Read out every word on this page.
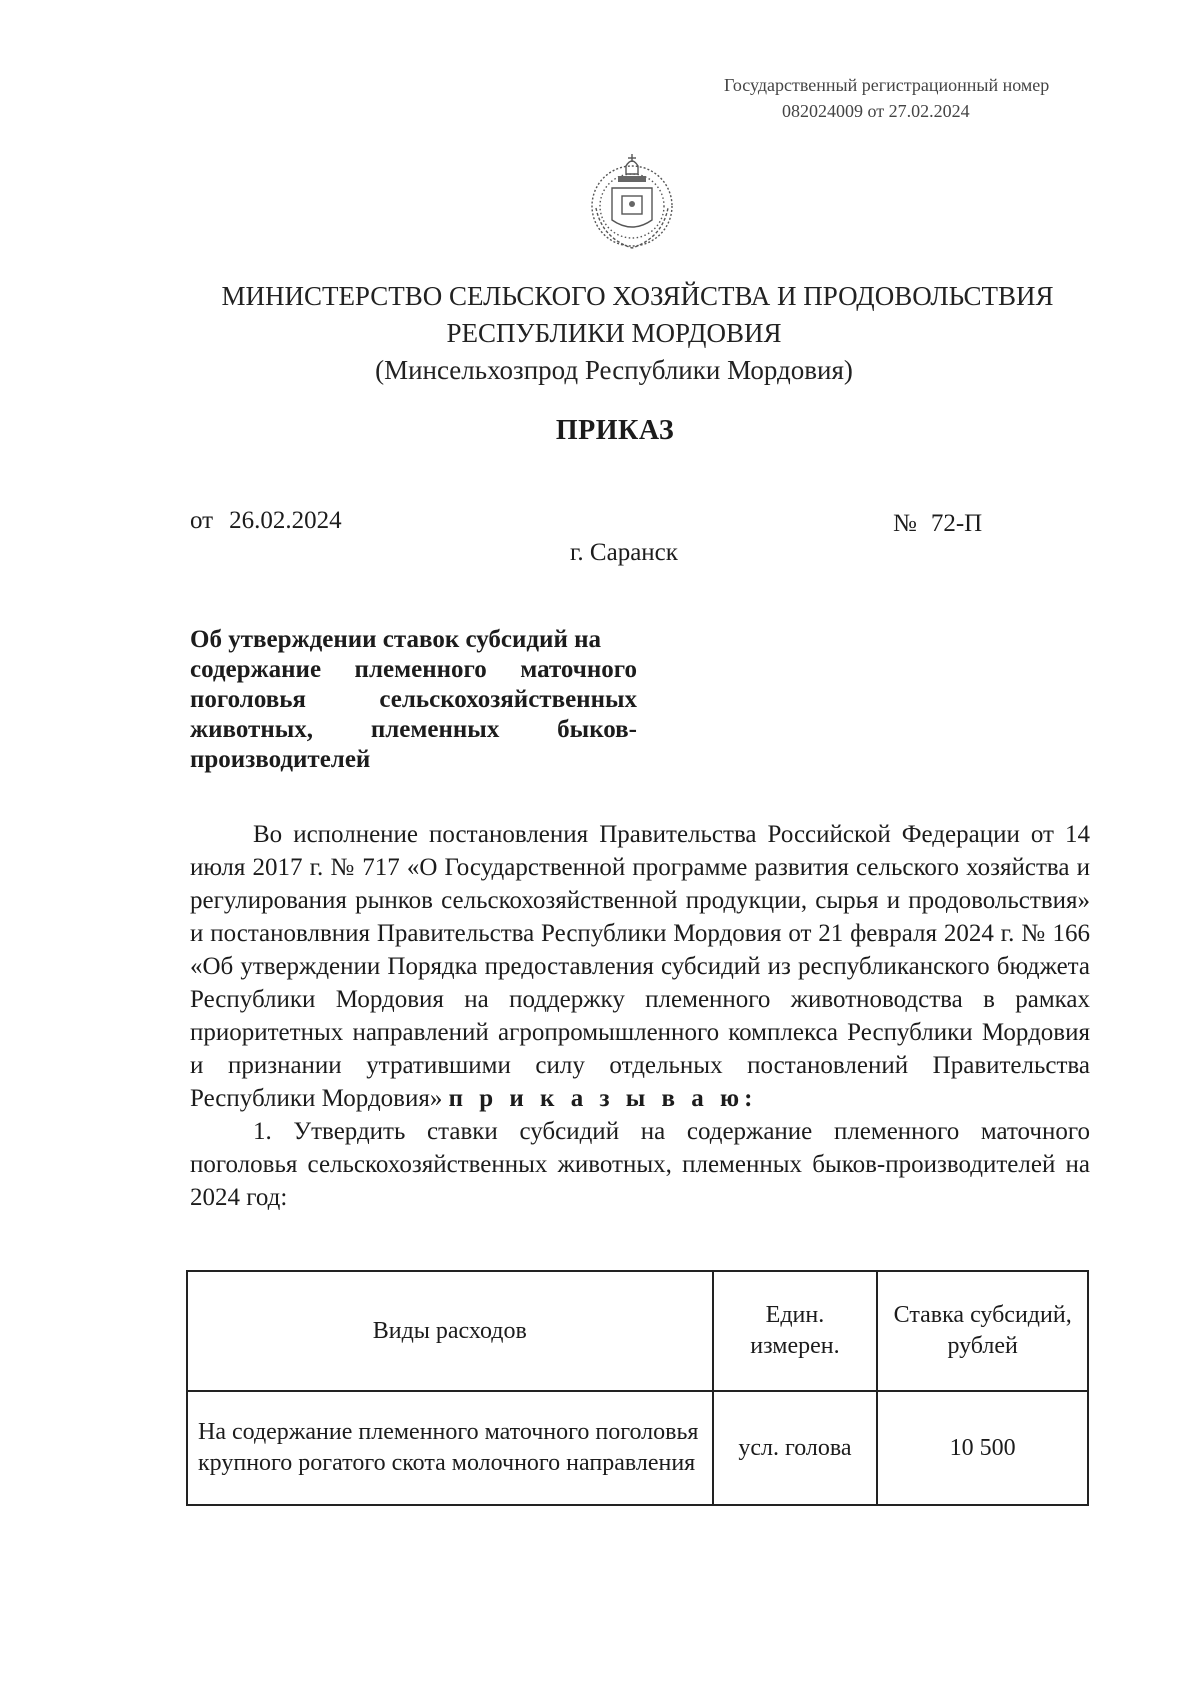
Государственный регистрационный номер
082024009 от 27.02.2024
МИНИСТЕРСТВО СЕЛЬСКОГО ХОЗЯЙСТВА И ПРОДОВОЛЬСТВИЯ
РЕСПУБЛИКИ МОРДОВИЯ
(Минсельхозпрод Республики Мордовия)
ПРИКАЗ
от 26.02.2024	№ 72-П
г. Саранск
Об утверждении ставок субсидий на
содержание племенного маточного
поголовья	сельскохозяйственных
животных, племенных быков-
производителей

Во исполнение постановления Правительства Российской Федерации от 14 июля 2017 г. № 717 «О Государственной программе развития сельского хозяйства и регулирования рынков сельскохозяйственной продукции, сырья и продовольствия» и постановлвния Правительства Республики Мордовия от 21 февраля 2024 г. № 166 «Об утверждении Порядка предоставления субсидий из республиканского бюджета Республики Мордовия на поддержку племенного животноводства в рамках приоритетных направлений агропромышленного комплекса Республики Мордовия и признании утратившими силу отдельных постановлений Правительства Республики Мордовия» п р и к а з ы в а ю:

1. Утвердить ставки субсидий на содержание племенного маточного поголовья сельскохозяйственных животных, племенных быков-производителей на 2024 год:

Виды расходов	Един. измерен.	Ставка субсидий, рублей
На содержание племенного маточного поголовья крупного рогатого скота молочного направления	усл. голова	10 500
